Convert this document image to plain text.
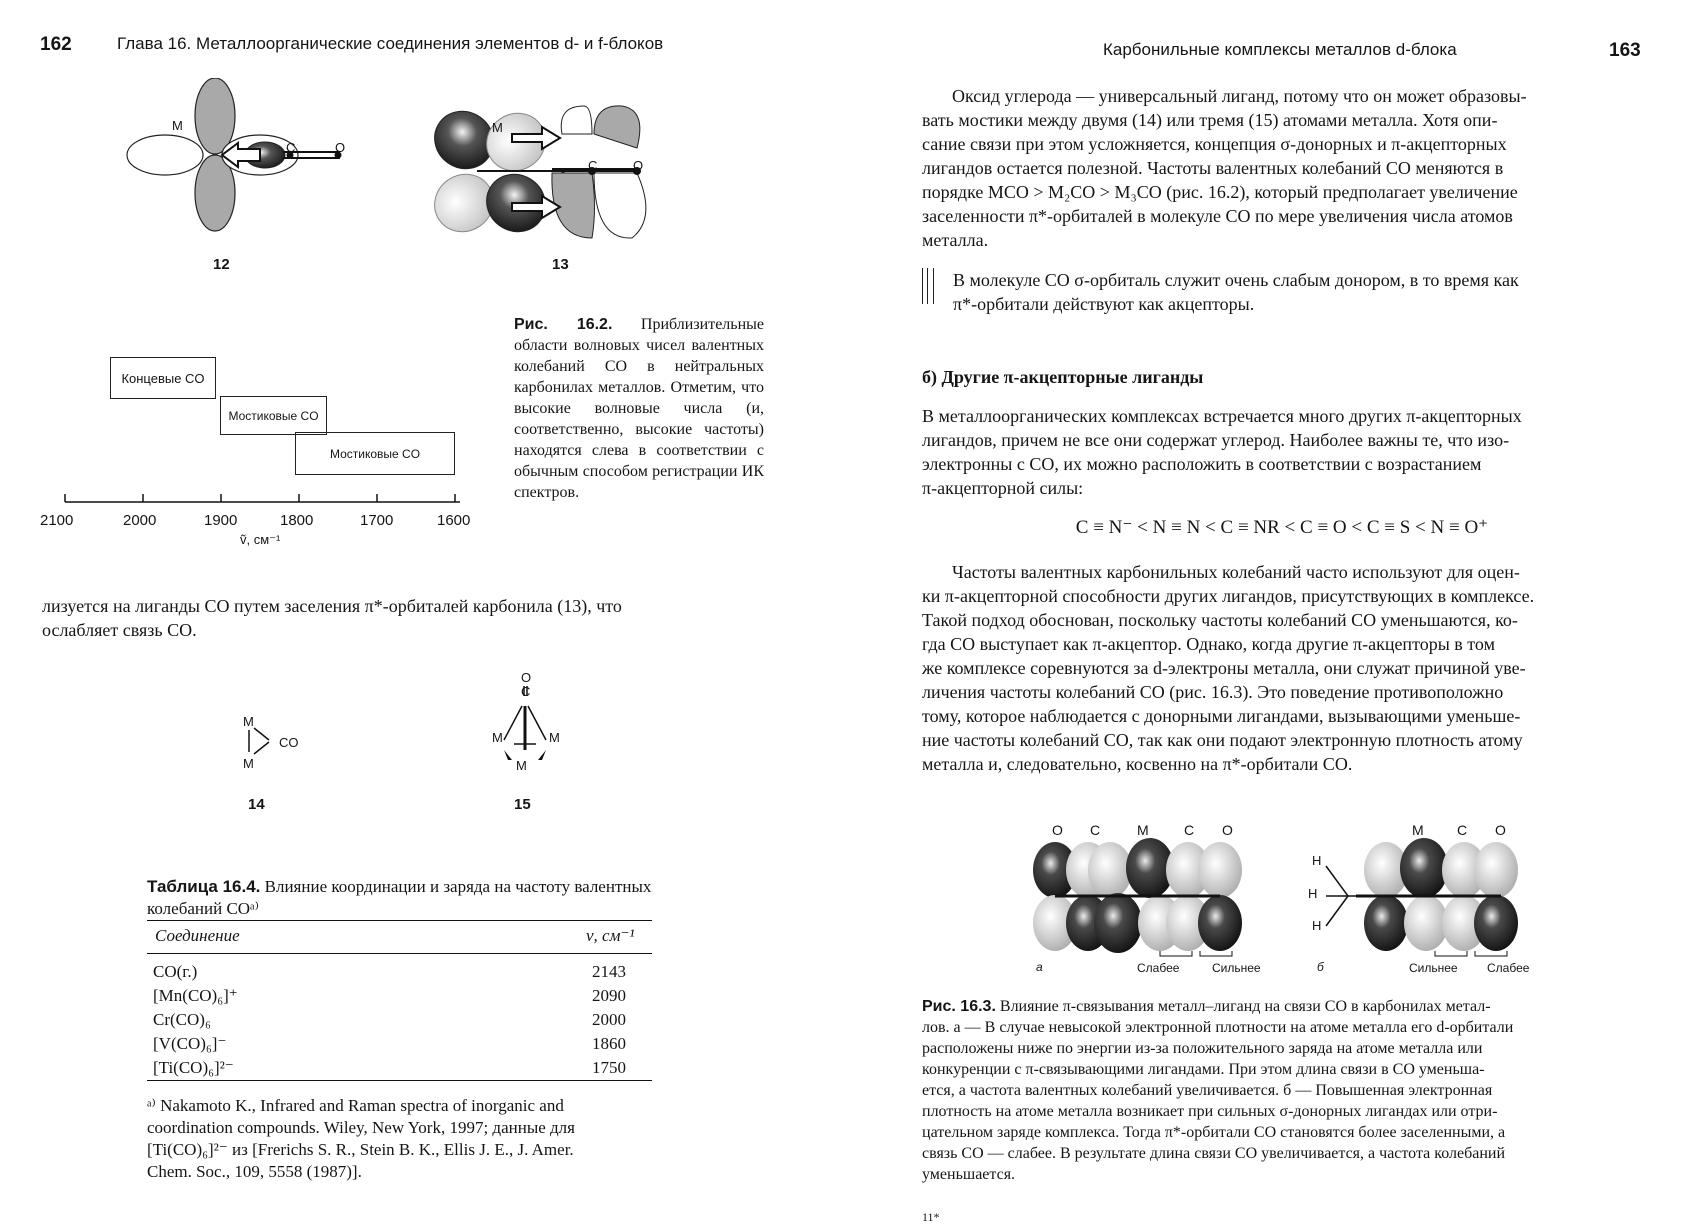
162	Глава 16. Металлоорганические соединения элементов d- и f-блоков
M
C	O
12
M
C	O
13
Концевые CO
Мостиковые CO
Мостиковые CO
2100	2000	1900	1800	1700	1600
ṽ, см⁻¹
Рис. 16.2. Приблизительные области волновых чисел валентных колебаний CO в нейтральных карбонилах металлов. Отметим, что высокие волновые числа (и, соответственно, высокие частоты) находятся слева в соответствии с обычным способом регистрации ИК спектров.
лизуется на лиганды CO путем заселения π*-орбиталей карбонила (13), что
ослабляет связь CO.
M
M
CO
14
O
C
M	M
M
15
Таблица 16.4. Влияние координации и заряда на частоту валентных колебаний COᵃ⁾
Соединение	ν, см⁻¹
CO(г.)	2143
[Mn(CO)₆]⁺	2090
Cr(CO)₆	2000
[V(CO)₆]⁻	1860
[Ti(CO)₆]²⁻	1750
ᵃ⁾ Nakamoto K., Infrared and Raman spectra of inorganic and
coordination compounds. Wiley, New York, 1997; данные для
[Ti(CO)₆]²⁻ из [Frerichs S. R., Stein B. K., Ellis J. E., J. Amer.
Chem. Soc., 109, 5558 (1987)].
Карбонильные комплексы металлов d-блока	163
Оксид углерода — универсальный лиганд, потому что он может образовы-
вать мостики между двумя (14) или тремя (15) атомами металла. Хотя опи-
сание связи при этом усложняется, концепция σ-донорных и π-акцепторных
лигандов остается полезной. Частоты валентных колебаний CO меняются в
порядке MCO > M₂CO > M₃CO (рис. 16.2), который предполагает увеличение
заселенности π*-орбиталей в молекуле CO по мере увеличения числа атомов
металла.
В молекуле CO σ-орбиталь служит очень слабым донором, в то время как
π*-орбитали действуют как акцепторы.
б) Другие π-акцепторные лиганды
В металлоорганических комплексах встречается много других π-акцепторных
лигандов, причем не все они содержат углерод. Наиболее важны те, что изо-
электронны с CO, их можно расположить в соответствии с возрастанием
π-акцепторной силы:
C ≡ N⁻ < N ≡ N < C ≡ NR < C ≡ O < C ≡ S < N ≡ O⁺
Частоты валентных карбонильных колебаний часто используют для оцен-
ки π-акцепторной способности других лигандов, присутствующих в комплексе.
Такой подход обоснован, поскольку частоты колебаний CO уменьшаются, ко-
гда CO выступает как π-акцептор. Однако, когда другие π-акцепторы в том
же комплексе соревнуются за d-электроны металла, они служат причиной уве-
личения частоты колебаний CO (рис. 16.3). Это поведение противоположно
тому, которое наблюдается с донорными лигандами, вызывающими уменьше-
ние частоты колебаний CO, так как они подают электронную плотность атому
металла и, следовательно, косвенно на π*-орбитали CO.
O C	M	C O
а	Слабее	Сильнее
H
H
H
M C O
б	Сильнее Слабее
Рис. 16.3. Влияние π-связывания металл–лиганд на связи CO в карбонилах метал-
лов. а — В случае невысокой электронной плотности на атоме металла его d-орбитали
расположены ниже по энергии из-за положительного заряда на атоме металла или
конкуренции с π-связывающими лигандами. При этом длина связи в CO уменьша-
ется, а частота валентных колебаний увеличивается. б — Повышенная электронная
плотность на атоме металла возникает при сильных σ-донорных лигандах или отри-
цательном заряде комплекса. Тогда π*-орбитали CO становятся более заселенными, а
связь CO — слабее. В результате длина связи CO увеличивается, а частота колебаний
уменьшается.
11*
